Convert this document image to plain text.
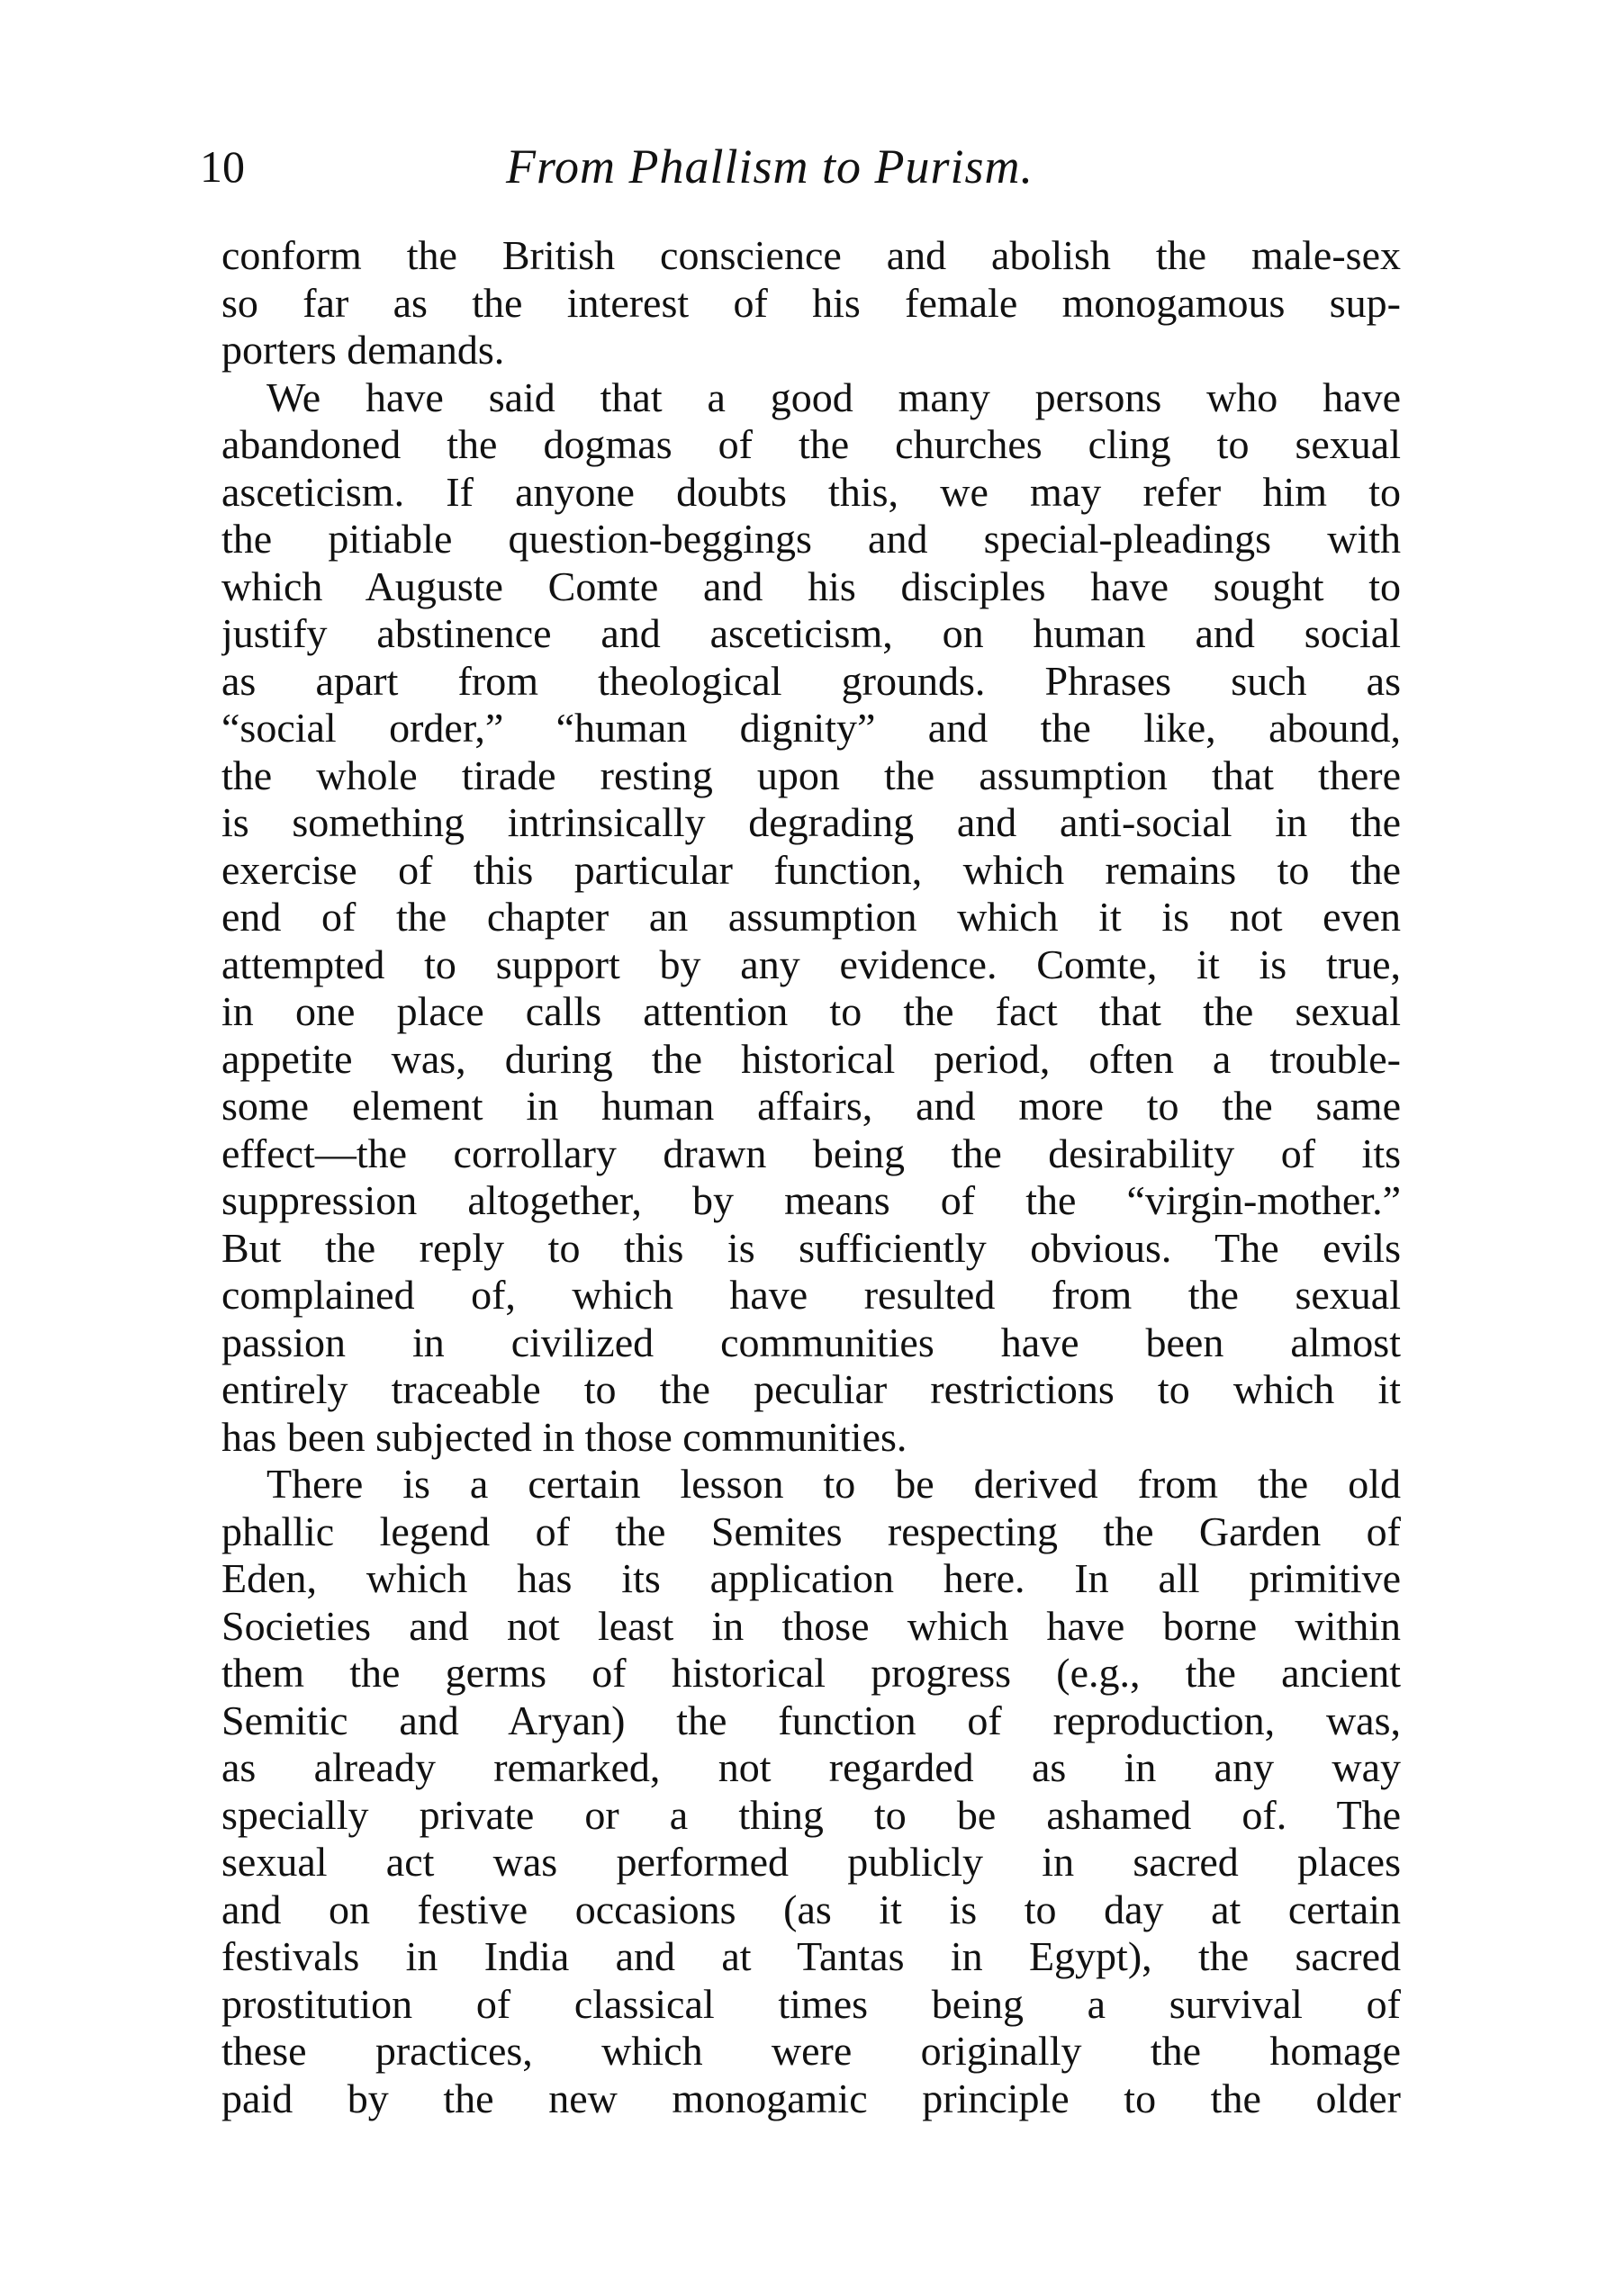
10	From Phallism to Purism.
conform the British conscience and abolish the male-sex
so far as the interest of his female monogamous sup-
porters demands.
We have said that a good many persons who have
abandoned the dogmas of the churches cling to sexual
asceticism. If anyone doubts this, we may refer him to
the pitiable question-beggings and special-pleadings with
which Auguste Comte and his disciples have sought to
justify abstinence and asceticism, on human and social
as apart from theological grounds. Phrases such as
“social order,” “human dignity” and the like, abound,
the whole tirade resting upon the assumption that there
is something intrinsically degrading and anti-social in the
exercise of this particular function, which remains to the
end of the chapter an assumption which it is not even
attempted to support by any evidence. Comte, it is true,
in one place calls attention to the fact that the sexual
appetite was, during the historical period, often a trouble-
some element in human affairs, and more to the same
effect—the corrollary drawn being the desirability of its
suppression altogether, by means of the “virgin-mother.”
But the reply to this is sufficiently obvious. The evils
complained of, which have resulted from the sexual
passion in civilized communities have been almost
entirely traceable to the peculiar restrictions to which it
has been subjected in those communities.
There is a certain lesson to be derived from the old
phallic legend of the Semites respecting the Garden of
Eden, which has its application here. In all primitive
Societies and not least in those which have borne within
them the germs of historical progress (e.g., the ancient
Semitic and Aryan) the function of reproduction, was,
as already remarked, not regarded as in any way
specially private or a thing to be ashamed of. The
sexual act was performed publicly in sacred places
and on festive occasions (as it is to day at certain
festivals in India and at Tantas in Egypt), the sacred
prostitution of classical times being a survival of
these practices, which were originally the homage
paid by the new monogamic principle to the older
